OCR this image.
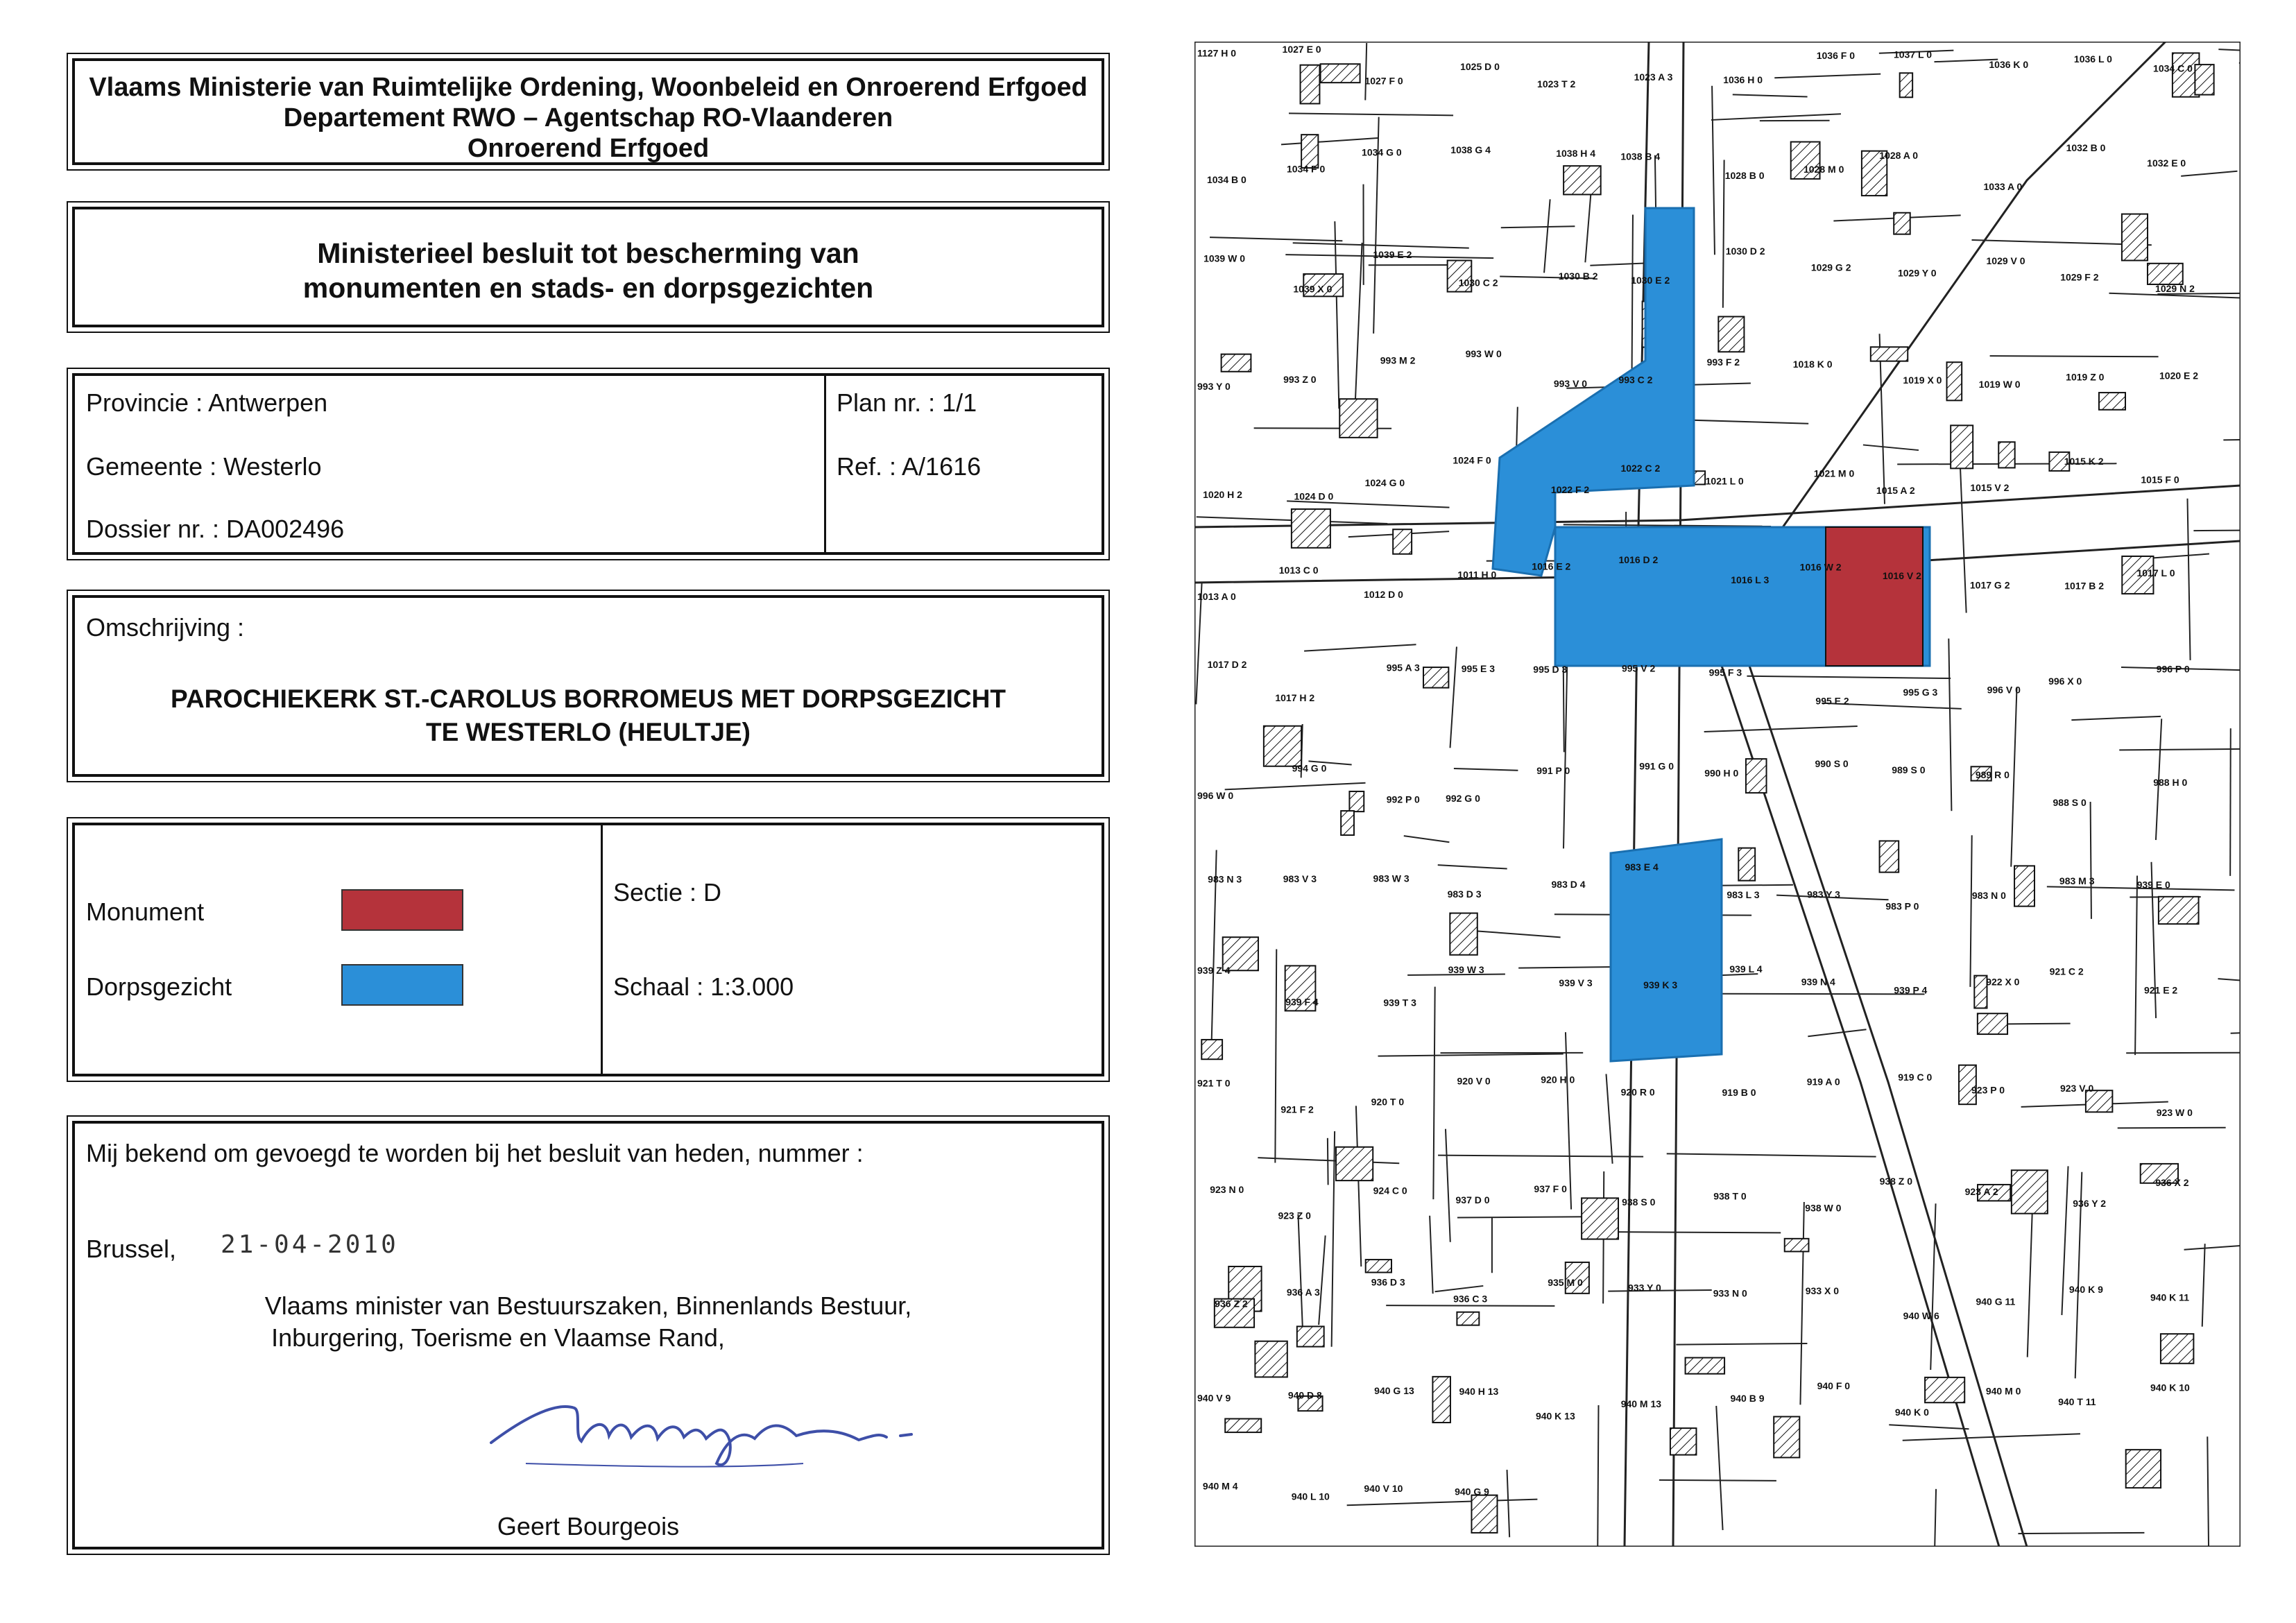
Vlaams Ministerie van Ruimtelijke Ordening, Woonbeleid en Onroerend Erfgoed
Departement RWO – Agentschap RO-Vlaanderen
Onroerend Erfgoed
Ministerieel besluit tot bescherming van
monumenten en stads- en dorpsgezichten
Provincie : Antwerpen
Gemeente : Westerlo
Dossier nr. : DA002496
Plan nr. : 1/1
Ref. : A/1616
Omschrijving :
PAROCHIEKERK ST.-CAROLUS BORROMEUS MET DORPSGEZICHT
TE WESTERLO (HEULTJE)
Monument
Dorpsgezicht
Sectie : D
Schaal : 1:3.000
Mij bekend om gevoegd te worden bij het besluit van heden, nummer :
Brussel, 21-04-2010
Vlaams minister van Bestuurszaken, Binnenlands Bestuur,
Inburgering, Toerisme en Vlaamse Rand,
Geert Bourgeois
1127 H 0	1027 E 0
1027 F 0
1025 D 0
1023 T 2
1023 A 3	1036 H 0
1036 F 0	1037 L 0
1036 K 0
1036 L 0
1034 C 0
1034 B 0
1034 F 0
1034 G 0	1038 G 4	1038 H 4	1038 B 4
1028 B 0
1028 M 0
1028 A 0
1033 A 0
1032 B 0
1032 E 0
1039 W 0
1039 X 0
1039 E 2
1030 C 2
1030 B 2	1030 E 2
1030 D 2
1029 G 2
1029 Y 0
1029 V 0
1029 F 2
1029 N 2
993 Y 0
993 Z 0
993 M 2
993 W 0
993 V 0	993 C 2
993 F 2	1018 K 0
1019 X 0	1019 W 0
1019 Z 0	1020 E 2
1020 H 2	1024 D 0
1024 G 0
1024 F 0
1022 F 2
1022 C 2
1021 L 0
1021 M 0
1015 A 2	1015 V 2
1015 K 2
1015 F 0
1013 A 0
1013 C 0
1012 D 0
1011 H 0
1016 E 2
1016 D 2
1016 L 3
1016 W 2
1016 V 2
1017 G 2	1017 B 2
1017 L 0
1017 D 2
1017 H 2
995 A 3	995 E 3	995 D 3	995 V 2	995 F 3
995 E 2
995 G 3	996 V 0
996 X 0
996 P 0
996 W 0
994 G 0
992 P 0	992 G 0
991 P 0	991 G 0
990 H 0
990 S 0
989 S 0	989 R 0
988 S 0
988 H 0
983 N 3	983 V 3	983 W 3
983 D 3
983 D 4
983 E 4
983 L 3	983 Y 3
983 P 0
983 N 0
983 M 3	939 E 0
939 Z 4
939 F 4	939 T 3
939 W 3
939 V 3	939 K 3
939 L 4
939 N 4
939 P 4
922 X 0
921 C 2
921 E 2
921 T 0
921 F 2
920 T 0
920 V 0	920 H 0
920 R 0	919 B 0
919 A 0	919 C 0
923 P 0	923 V 0
923 W 0
923 N 0
923 Z 0
924 C 0
937 D 0
937 F 0
938 S 0
938 T 0
938 W 0
938 Z 0
923 A 2
936 Y 2
936 X 2
936 Z 2
936 A 3
936 D 3
936 C 3
935 M 0	933 Y 0
933 N 0	933 X 0
940 W 6
940 G 11
940 K 9
940 K 11
940 V 9	940 D 8	940 G 13	940 H 13
940 K 13
940 M 13
940 B 9
940 F 0
940 K 0
940 M 0
940 T 11
940 K 10
940 M 4
940 L 10
940 V 10	940 G 9
